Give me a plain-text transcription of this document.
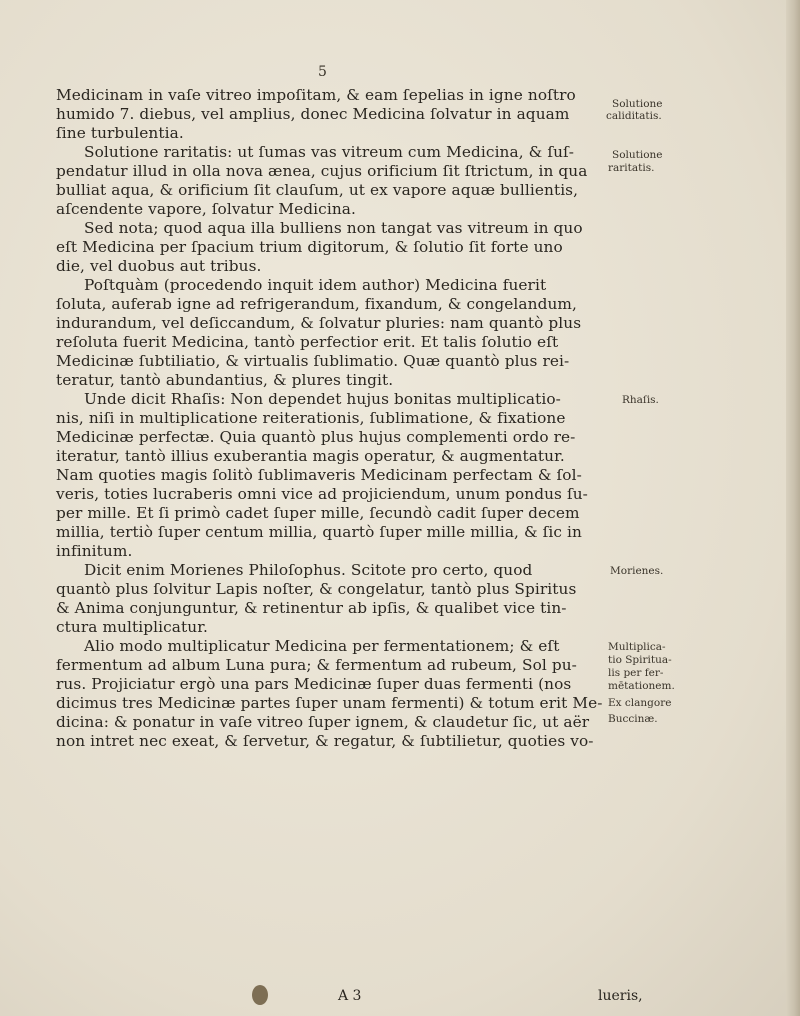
5
Medicinam in vaſe vitreo impoſitam, & eam ſepelias in igne noſtro
humido 7. diebus, vel amplius, donec Medicina ſolvatur in aquam
ſine turbulentia.
Solutione raritatis: ut ſumas vas vitreum cum Medicina, & ſuſ-
pendatur illud in olla nova ænea, cujus orificium ſit ſtrictum, in qua
bulliat aqua, & orificium ſit clauſum, ut ex vapore aquæ bullientis,
aſcendente vapore, ſolvatur Medicina.
Sed nota; quod aqua illa bulliens non tangat vas vitreum in quo
eſt Medicina per ſpacium trium digitorum, & ſolutio ſit forte uno
die, vel duobus aut tribus.
Poſtquàm (procedendo inquit idem author) Medicina fuerit
ſoluta, auferab igne ad refrigerandum, fixandum, & congelandum,
indurandum, vel deſiccandum, & ſolvatur pluries: nam quantò plus
reſoluta fuerit Medicina, tantò perfectior erit. Et talis ſolutio eſt
Medicinæ ſubtiliatio, & virtualis ſublimatio. Quæ quantò plus rei-
teratur, tantò abundantius, & plures tingit.
Unde dicit Rhaſis: Non dependet hujus bonitas multiplicatio-
nis, niſi in multiplicatione reiterationis, ſublimatione, & fixatione
Medicinæ perfectæ. Quia quantò plus hujus complementi ordo re-
iteratur, tantò illius exuberantia magis operatur, & augmentatur.
Nam quoties magis ſolitò ſublimaveris Medicinam perfectam & ſol-
veris, toties lucraberis omni vice ad projiciendum, unum pondus ſu-
per mille. Et ſi primò cadet ſuper mille, ſecundò cadit ſuper decem
millia, tertiò ſuper centum millia, quartò ſuper mille millia, & ſic in
infinitum.
Dicit enim Morienes Philoſophus. Scitote pro certo, quod
quantò plus ſolvitur Lapis noſter, & congelatur, tantò plus Spiritus
& Anima conjunguntur, & retinentur ab ipſis, & qualibet vice tin-
ctura multiplicatur.
Alio modo multiplicatur Medicina per fermentationem; & eſt
fermentum ad album Luna pura; & fermentum ad rubeum, Sol pu-
rus. Projiciatur ergò una pars Medicinæ ſuper duas fermenti (nos
dicimus tres Medicinæ partes ſuper unam fermenti) & totum erit Me-
dicina: & ponatur in vaſe vitreo ſuper ignem, & claudetur ſic, ut aër
non intret nec exeat, & ſervetur, & regatur, & ſubtilietur, quoties vo-
Solutione
caliditatis.
Solutione
raritatis.
Rhaſis.
Morienes.
Multiplica-
tio Spiritua-
lis per fer-
mētationem.
Ex clangore
Buccinæ.
A 3	lueris,
